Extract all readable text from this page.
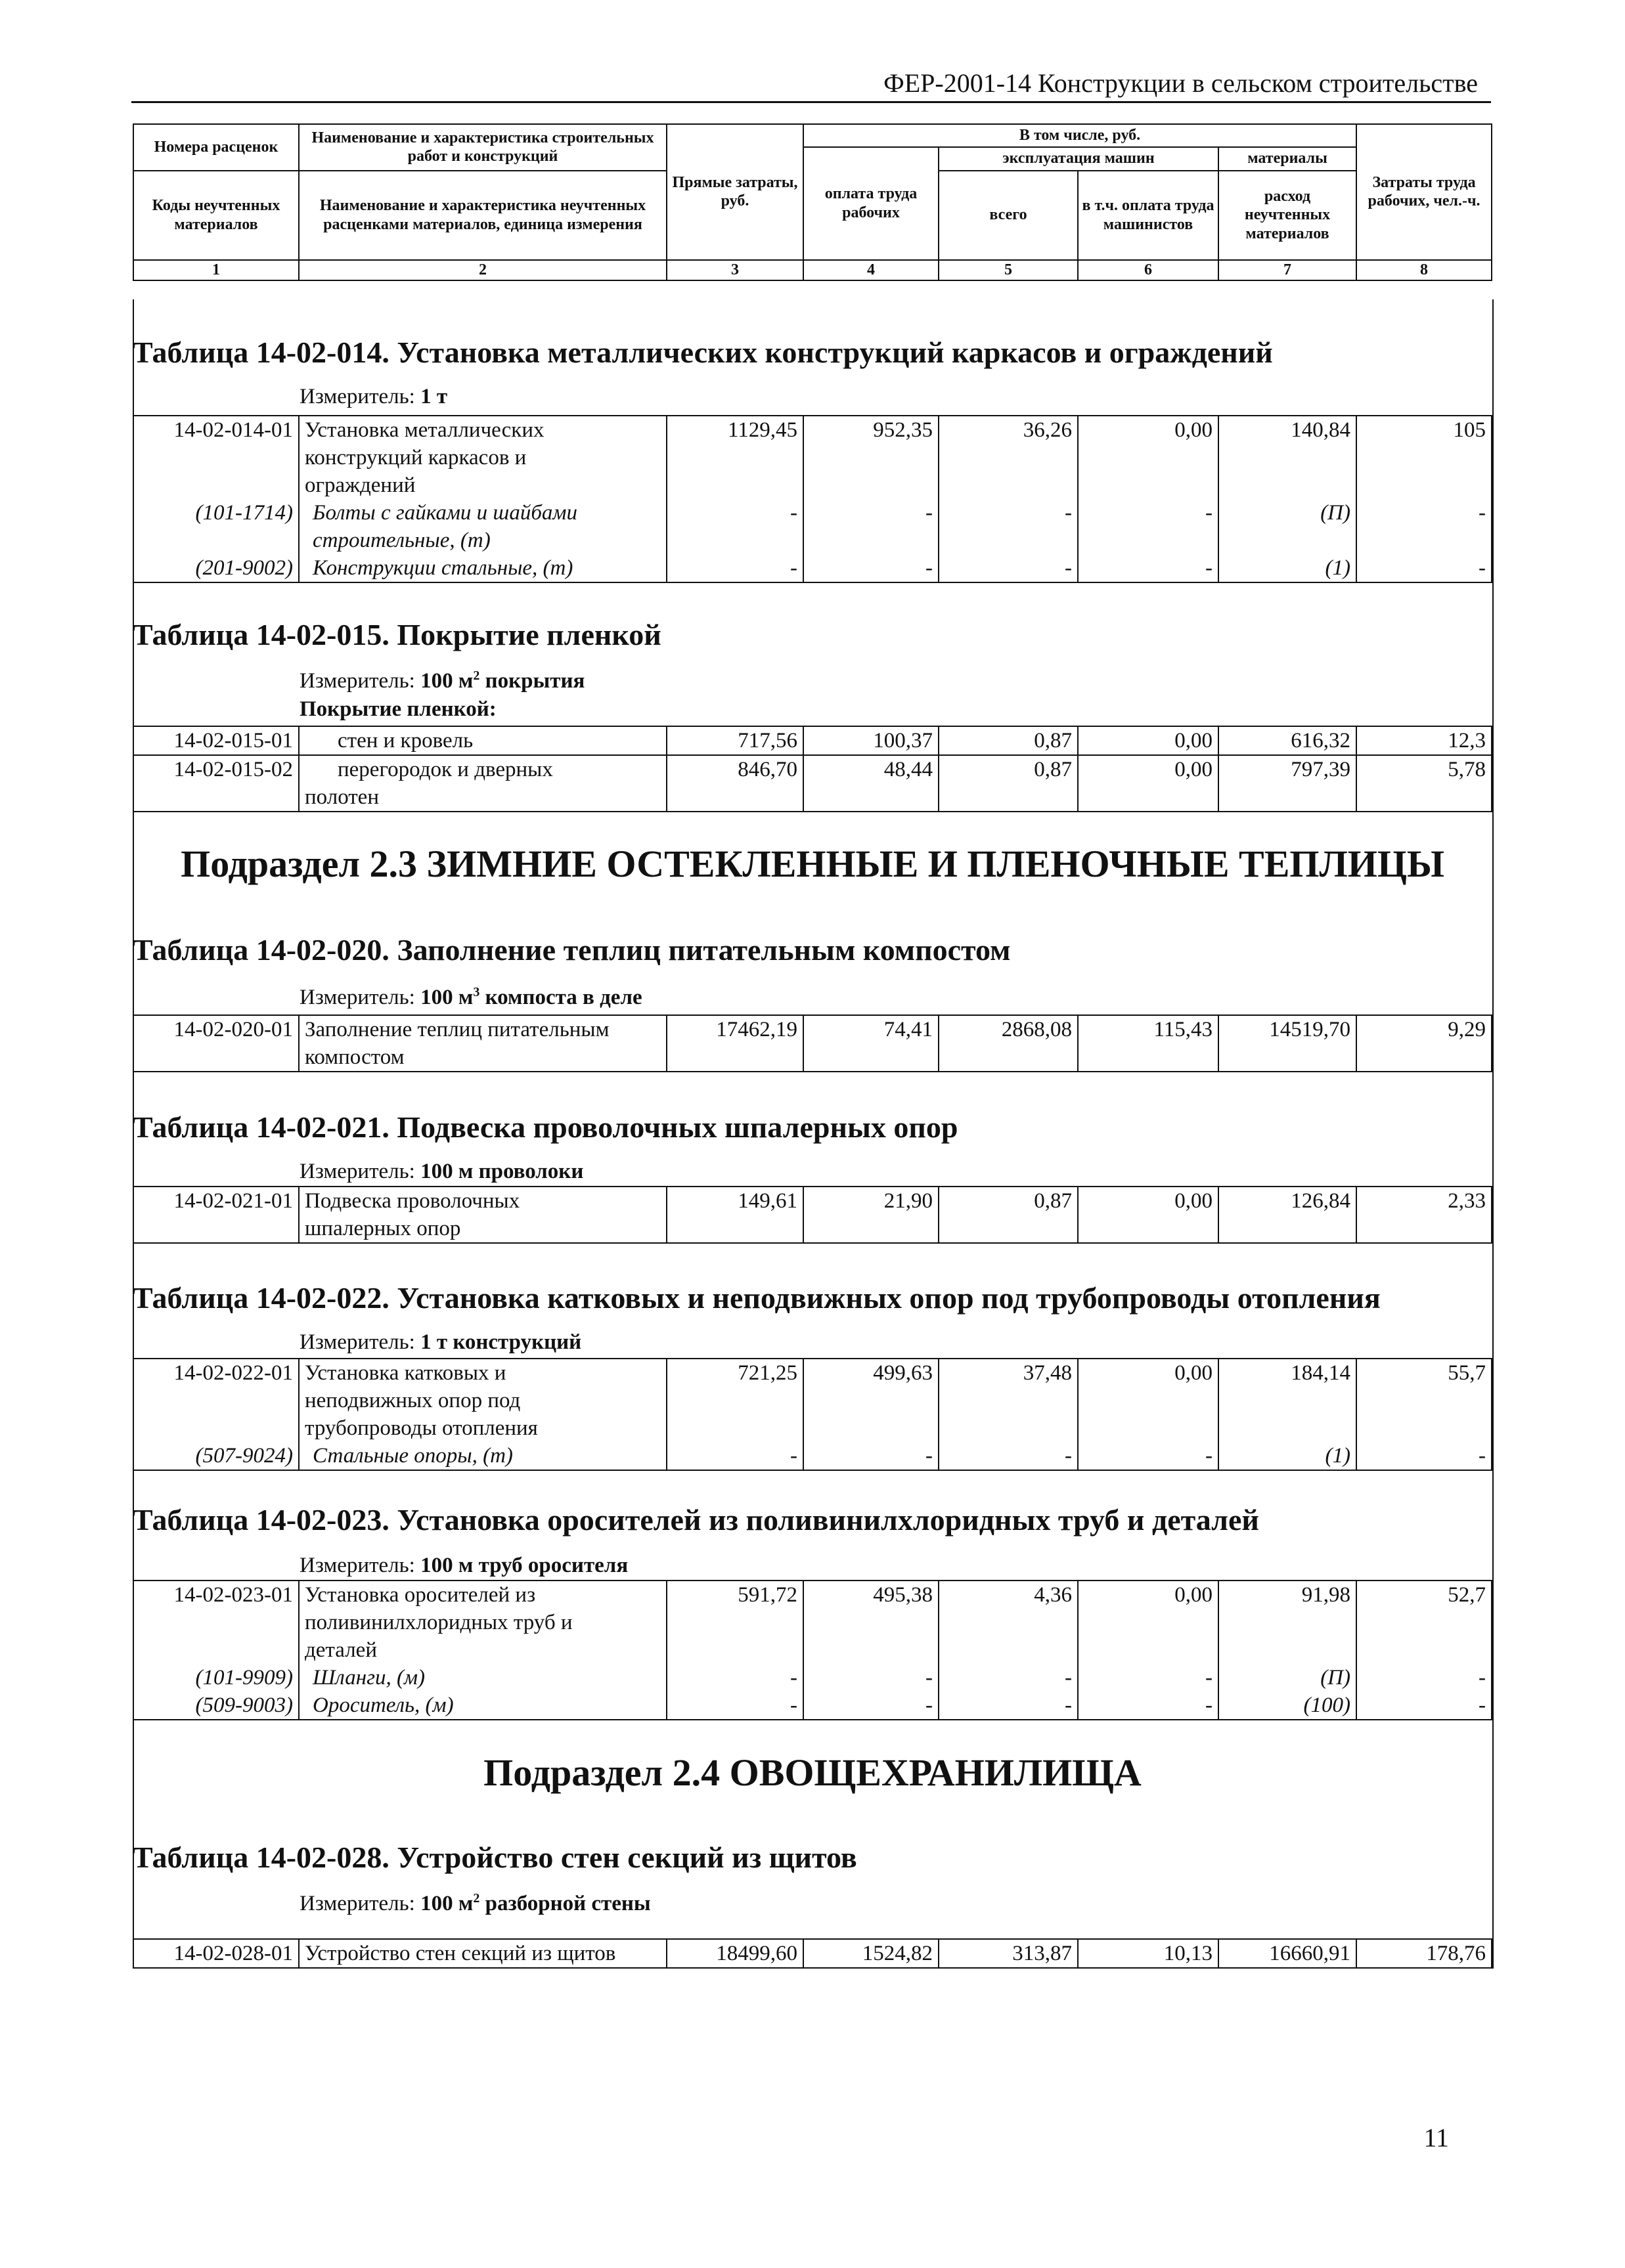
ФЕР-2001-14 Конструкции в сельском строительстве
Номера расценок	Наименование и характеристика строительных работ и конструкций	Прямые затраты, руб.	В том числе, руб.				Затраты труда рабочих, чел.-ч.
			оплата труда рабочих	эксплуатация машин		материалы	
Коды неучтенных материалов	Наименование и характеристика неучтенных расценками материалов, единица измерения			всего	в т.ч. оплата труда машинистов	расход неучтенных материалов	

1	2	3	4	5	6	7	8
Таблица 14-02-014. Установка металлических конструкций каркасов и ограждений
Измеритель: 1 т
14-02-014-01	Установка металлических
конструкций каркасов и
ограждений	1129,45	952,35	36,26	0,00	140,84	105
(101-1714)	Болты с гайками и шайбами
строительные, (т)	-	-	-	-	(П)	-
(201-9002)	Конструкции стальные, (т)	-	-	-	-	(1)	-
Таблица 14-02-015. Покрытие пленкой
Измеритель: 100 $м^2$ покрытия
Покрытие пленкой:
14-02-015-01	стен и кровель	717,56	100,37	0,87	0,00	616,32	12,3
14-02-015-02	перегородок и дверных
полотен	846,70	48,44	0,87	0,00	797,39	5,78
Подраздел 2.3 ЗИМНИЕ ОСТЕКЛЕННЫЕ И ПЛЕНОЧНЫЕ ТЕПЛИЦЫ
Таблица 14-02-020. Заполнение теплиц питательным компостом
Измеритель: 100 $м^3$ компоста в деле
14-02-020-01	Заполнение теплиц питательным
компостом
	17462,19	74,41	2868,08	115,43	14519,70	9,29
Таблица 14-02-021. Подвеска проволочных шпалерных опор
Измеритель: 100 м проволоки
14-02-021-01	Подвеска проволочных
шпалерных опор
	149,61	21,90	0,87	0,00	126,84	2,33
Таблица 14-02-022. Установка катковых и неподвижных опор под трубопроводы отопления
Измеритель: 1 т конструкций
14-02-022-01	Установка катковых и
неподвижных опор под
трубопроводы отопления	721,25	499,63	37,48	0,00	184,14	55,7
(507-9024)	Стальные опоры, (т)	-	-	-	-	(1)	-
Таблица 14-02-023. Установка оросителей из поливинилхлоридных труб и деталей
Измеритель: 100 м труб оросителя
14-02-023-01	Установка оросителей из
поливинилхлоридных труб и
деталей	591,72	495,38	4,36	0,00	91,98	52,7
(101-9909)	Шланги, (м)	-	-	-	-	(П)	-
(509-9003)	Ороситель, (м)	-	-	-	-	(100)	-
Подраздел 2.4 ОВОЩЕХРАНИЛИЩА
Таблица 14-02-028. Устройство стен секций из щитов
Измеритель: 100 $м^2$ разборной стены
14-02-028-01	Устройство стен секций из щитов	18499,60	1524,82	313,87	10,13	16660,91	178,76
11
